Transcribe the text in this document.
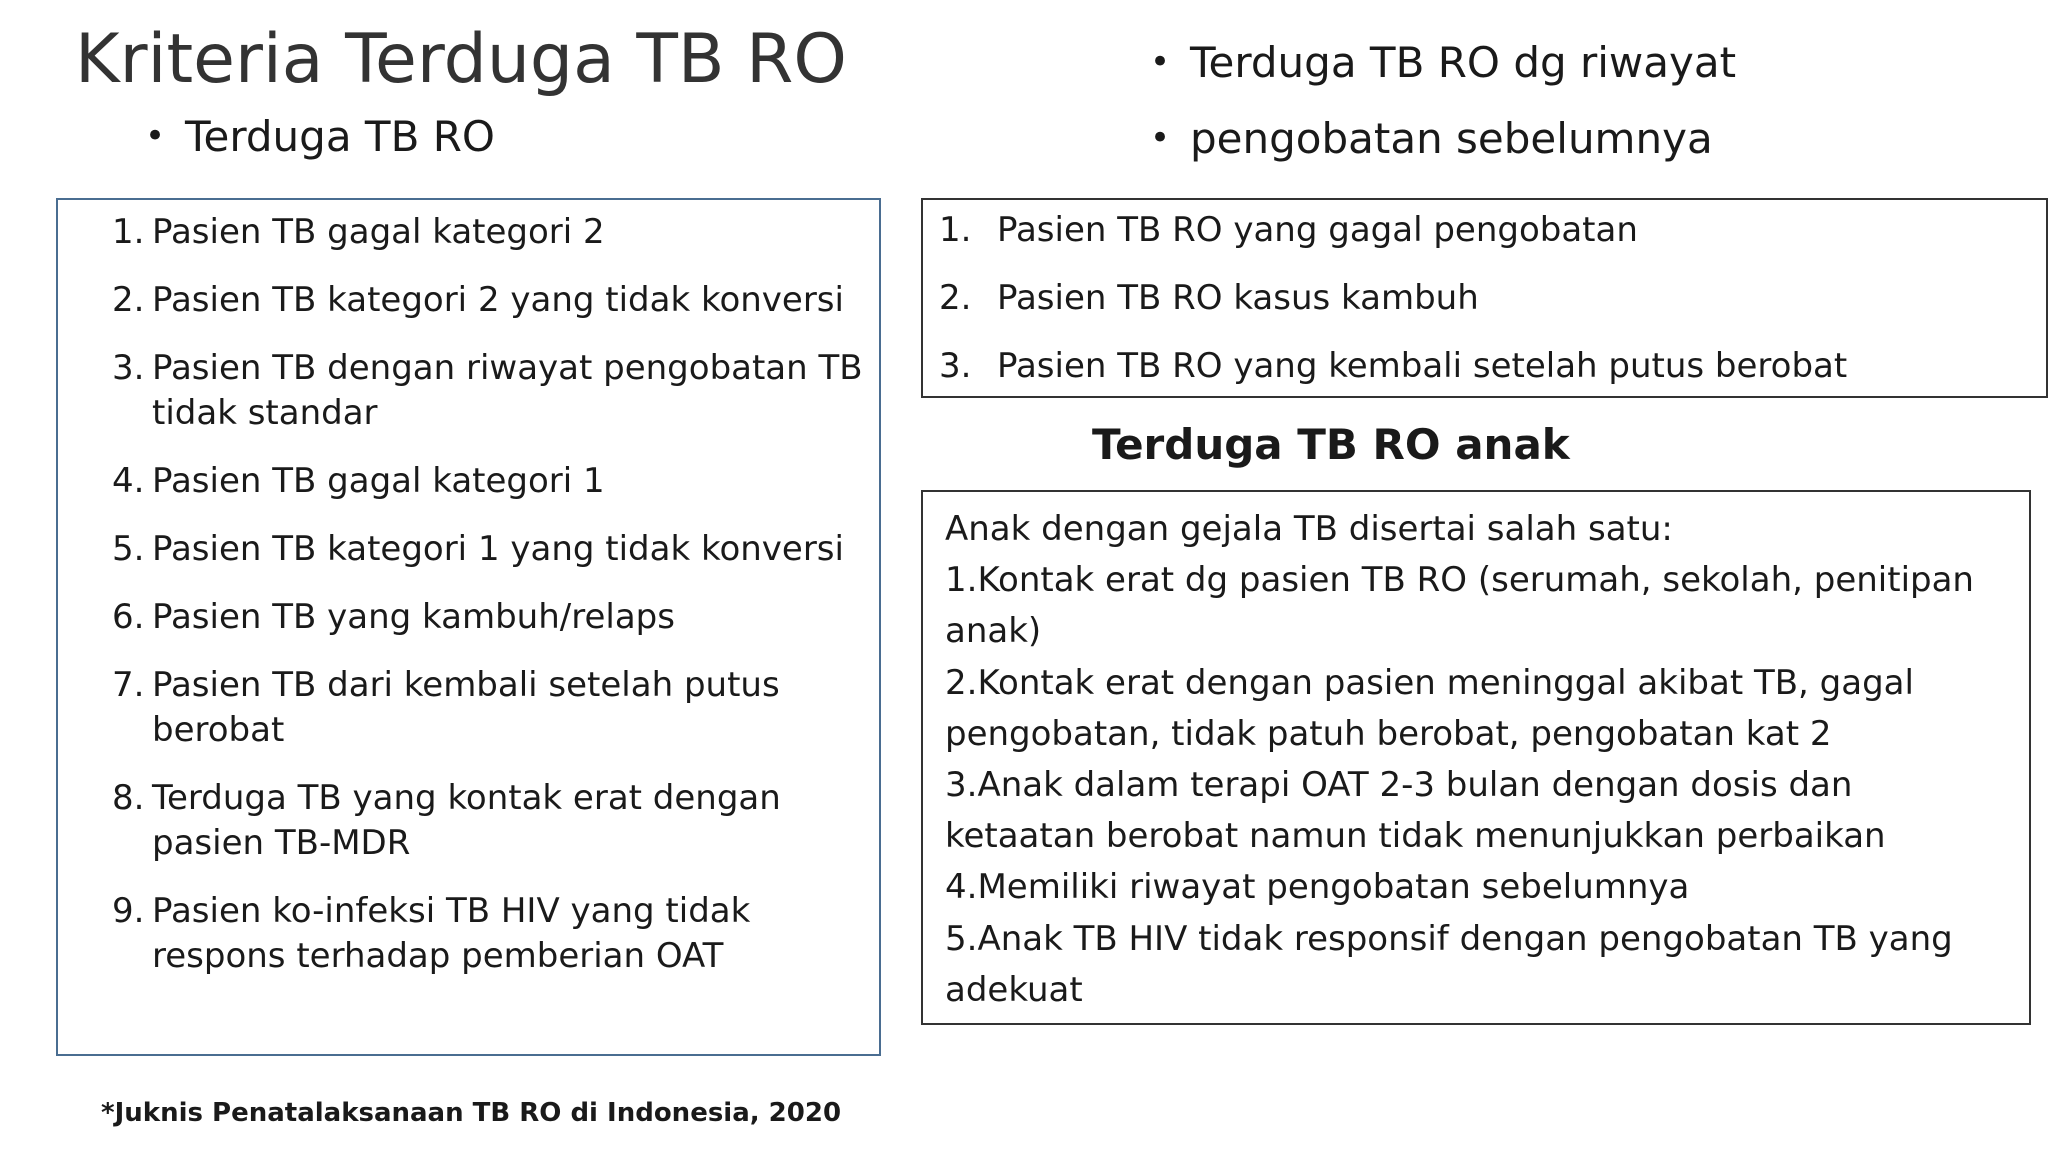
Kriteria Terduga TB RO
• Terduga TB RO
• Terduga TB RO dg riwayat
• pengobatan sebelumnya
1. Pasien TB gagal kategori 2
2. Pasien TB kategori 2 yang tidak konversi
3. Pasien TB dengan riwayat pengobatan TB tidak standar
4. Pasien TB gagal kategori 1
5. Pasien TB kategori 1 yang tidak konversi
6. Pasien TB yang kambuh/relaps
7. Pasien TB dari kembali setelah putus berobat
8. Terduga TB yang kontak erat dengan pasien TB-MDR
9. Pasien ko-infeksi TB HIV yang tidak respons terhadap pemberian OAT
1. Pasien TB RO yang gagal pengobatan
2. Pasien TB RO kasus kambuh
3. Pasien TB RO yang kembali setelah putus berobat
Terduga TB RO anak
Anak dengan gejala TB disertai salah satu:
1.Kontak erat dg pasien TB RO (serumah, sekolah, penitipan
anak)
2.Kontak erat dengan pasien meninggal akibat TB, gagal
pengobatan, tidak patuh berobat, pengobatan kat 2
3.Anak dalam terapi OAT 2-3 bulan dengan dosis dan
ketaatan berobat namun tidak menunjukkan perbaikan
4.Memiliki riwayat pengobatan sebelumnya
5.Anak TB HIV tidak responsif dengan pengobatan TB yang
adekuat
*Juknis Penatalaksanaan TB RO di Indonesia, 2020
